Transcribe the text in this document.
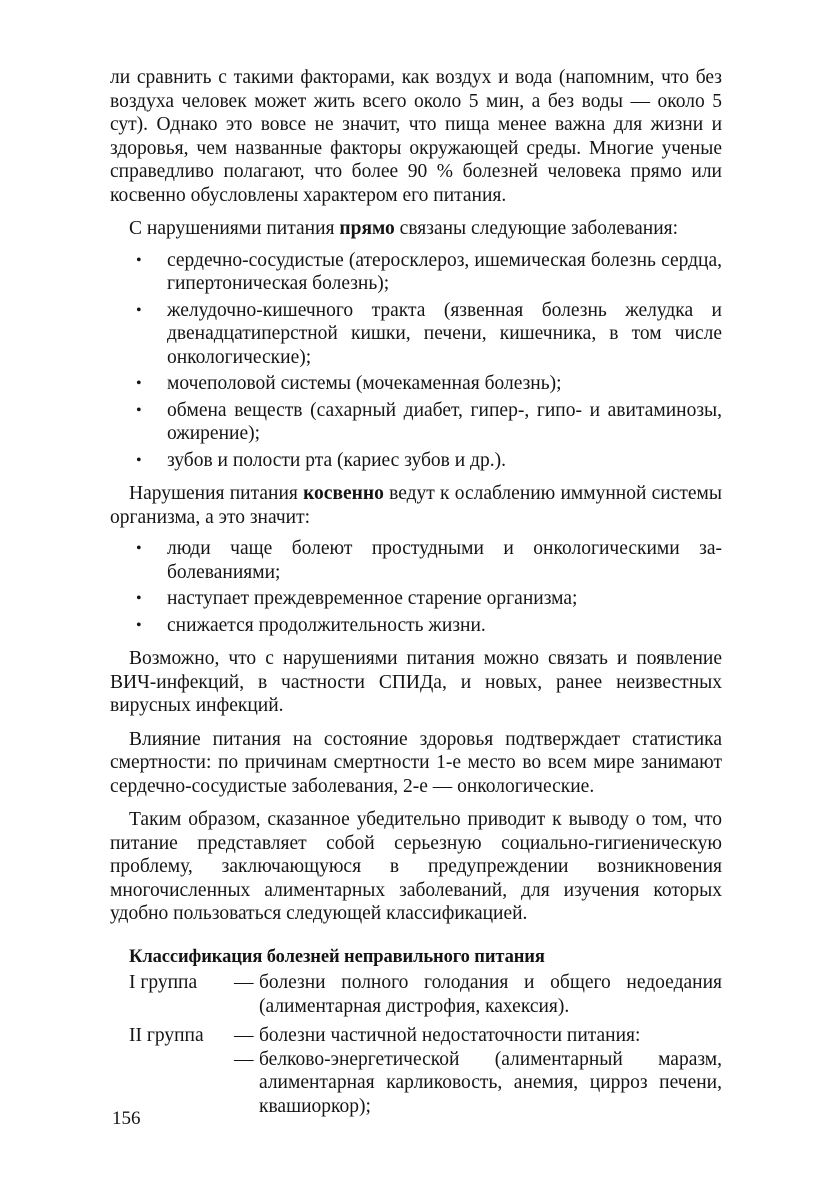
ли сравнить с такими факторами, как воздух и вода (напомним, что без воздуха человек может жить всего около 5 мин, а без воды — около 5 сут). Однако это вовсе не значит, что пища менее важна для жизни и здоровья, чем названные факторы окружающей среды. Многие ученые справедливо полагают, что более 90 % болезней человека прямо или косвенно обусловлены характером его питания.

С нарушениями питания прямо связаны следующие заболевания:

• сердечно-сосудистые (атеросклероз, ишемическая болезнь сердца, гипертоническая болезнь);
• желудочно-кишечного тракта (язвенная болезнь желудка и двенадцатиперстной кишки, печени, кишечника, в том числе онкологические);
• мочеполовой системы (мочекаменная болезнь);
• обмена веществ (сахарный диабет, гипер-, гипо- и авитаминозы, ожирение);
• зубов и полости рта (кариес зубов и др.).

Нарушения питания косвенно ведут к ослаблению иммунной системы организма, а это значит:

• люди чаще болеют простудными и онкологическими заболеваниями;
• наступает преждевременное старение организма;
• снижается продолжительность жизни.

Возможно, что с нарушениями питания можно связать и появление ВИЧ-инфекций, в частности СПИДа, и новых, ранее неизвестных вирусных инфекций.

Влияние питания на состояние здоровья подтверждает статистика смертности: по причинам смертности 1-е место во всем мире занимают сердечно-сосудистые заболевания, 2-е — онкологические.

Таким образом, сказанное убедительно приводит к выводу о том, что питание представляет собой серьезную социально-гигиеническую проблему, заключающуюся в предупреждении возникновения многочисленных алиментарных заболеваний, для изучения которых удобно пользоваться следующей классификацией.

Классификация болезней неправильного питания
I группа	— болезни полного голодания и общего недоедания (алиментарная дистрофия, кахексия).
II группа	— болезни частичной недостаточности питания:
— белково-энергетической (алиментарный маразм, алиментарная карликовость, анемия, цирроз печени, квашиоркор);
156
